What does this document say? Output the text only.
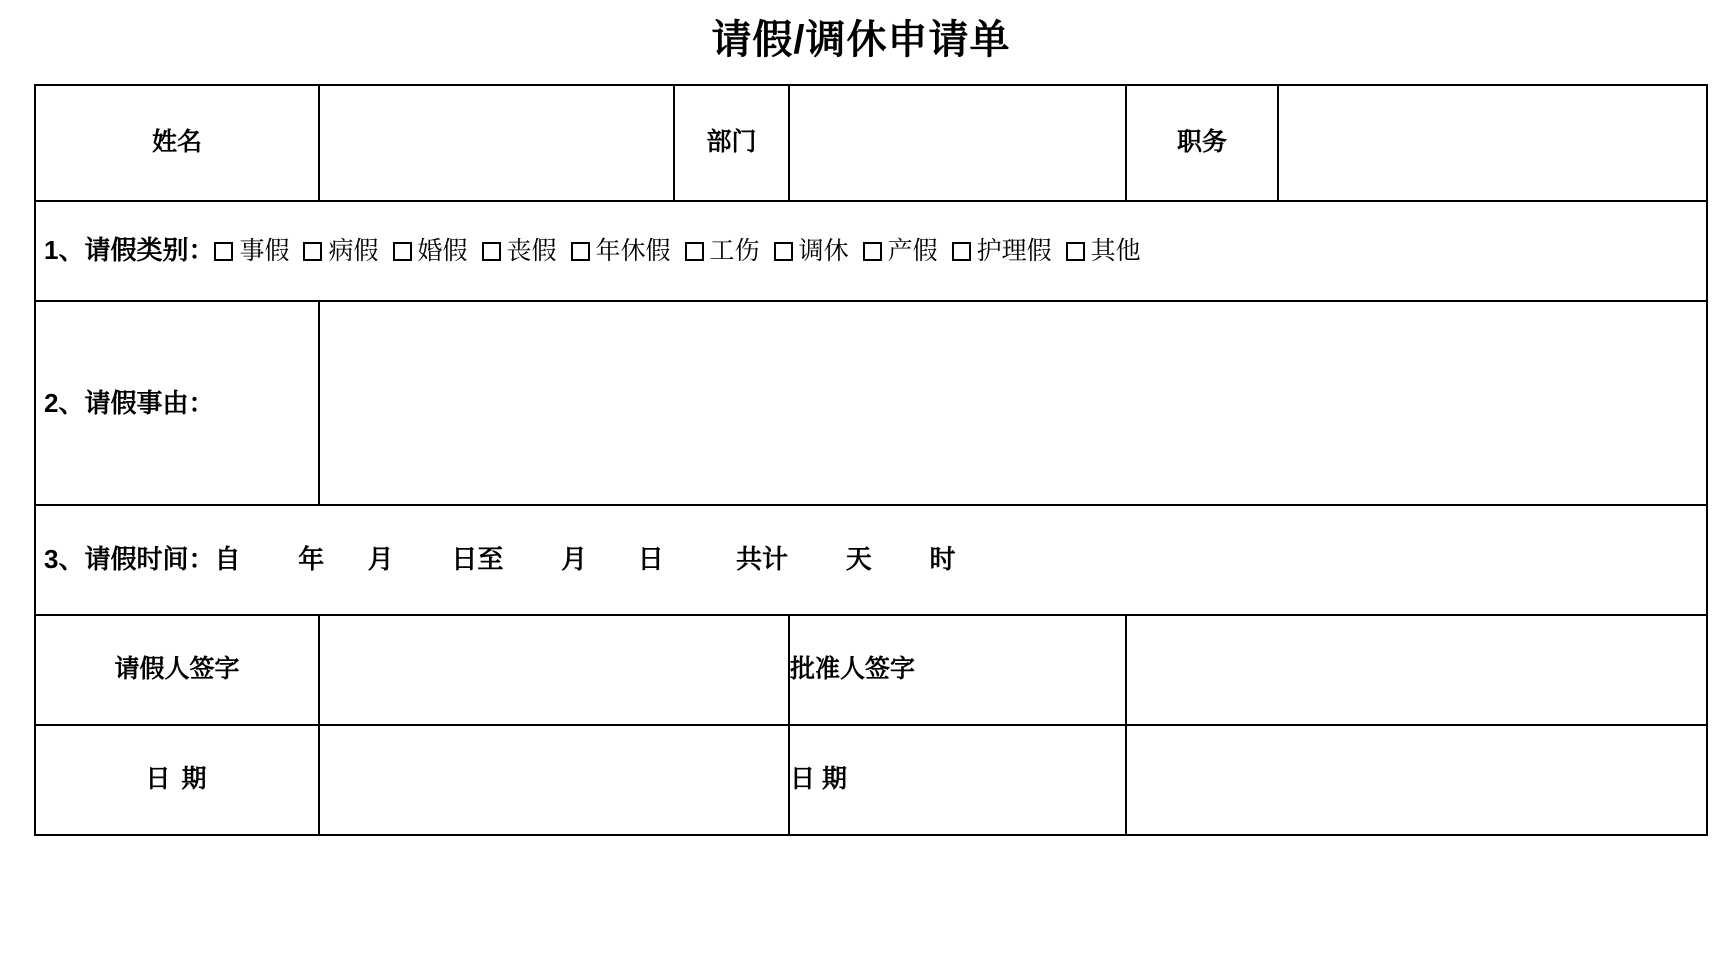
请假/调休申请单
姓名		部门		职务	
1、请假类别： 事假 病假 婚假 丧假 年休假 工伤 调休 产假 护理假 其他					
2、请假事由：					
3、请假时间：自        年      月        日至        月       日          共计        天        时					
请假人签字			批准人签字		
日 期			日 期		
